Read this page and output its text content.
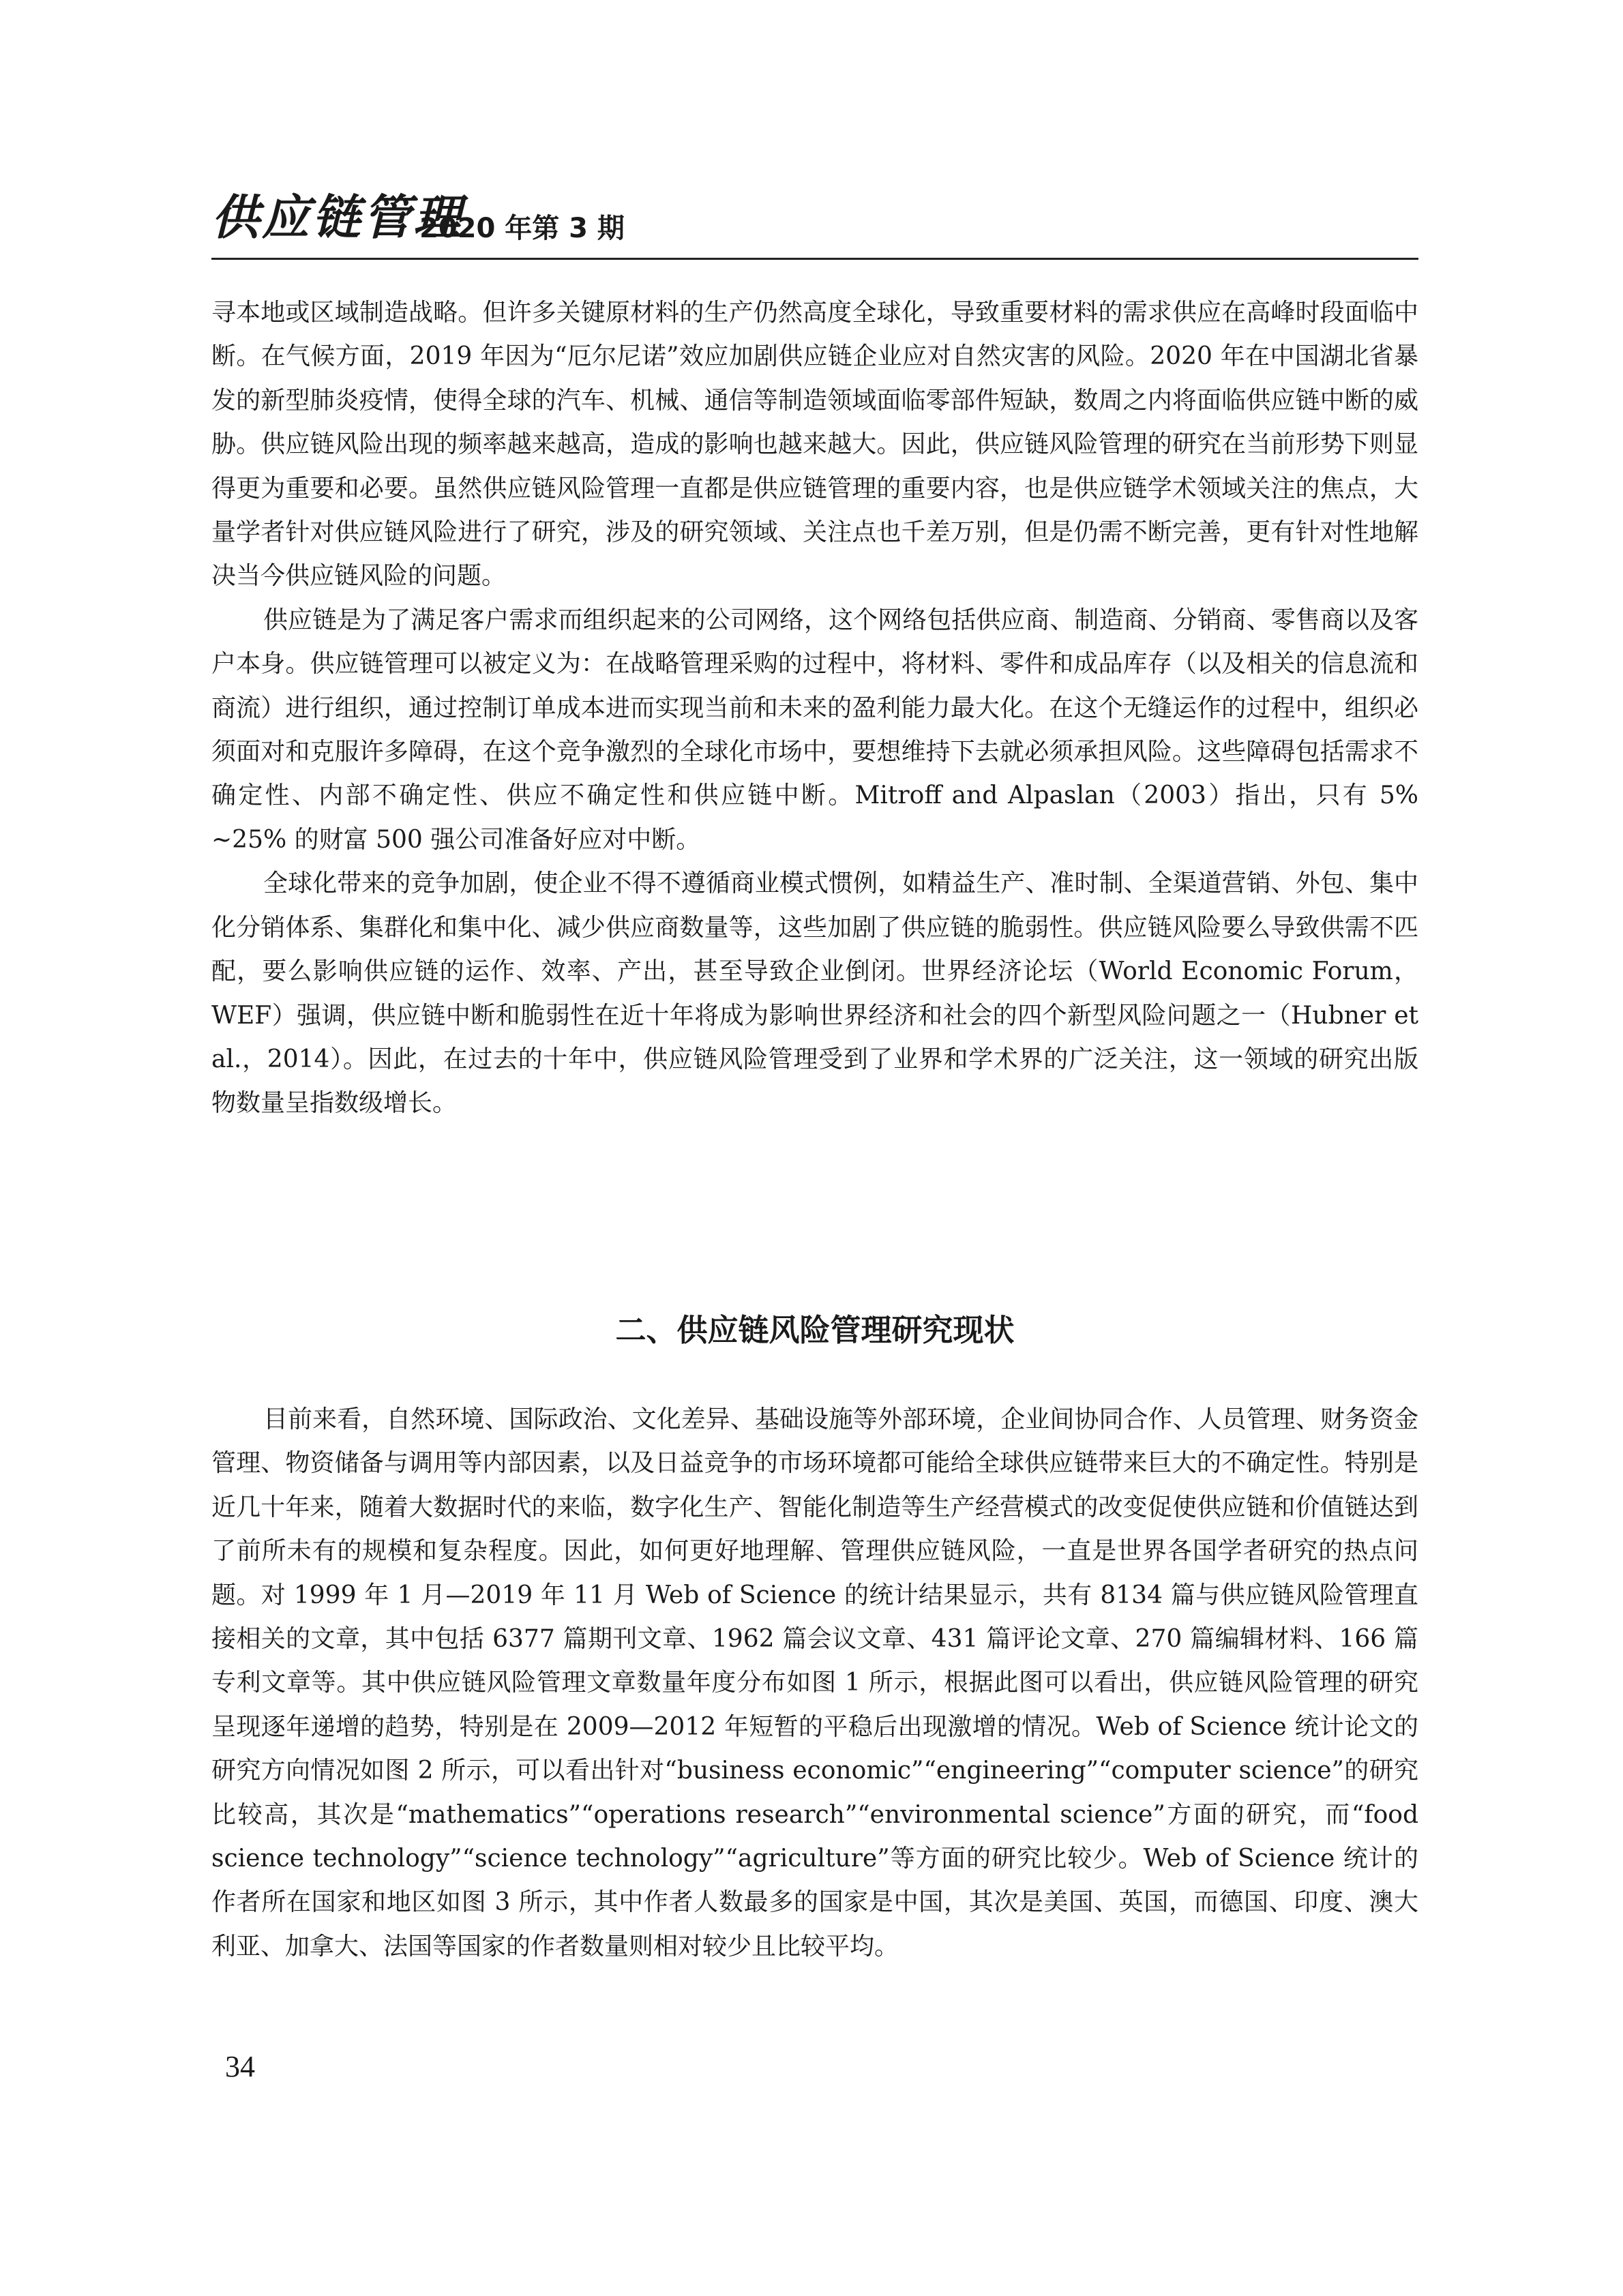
供应链管理
2020 年第 3 期

寻本地或区域制造战略。但许多关键原材料的生产仍然高度全球化，导致重要材料的需求供应在高峰时段面临中断。在气候方面，2019 年因为“厄尔尼诺”效应加剧供应链企业应对自然灾害的风险。2020 年在中国湖北省暴发的新型肺炎疫情，使得全球的汽车、机械、通信等制造领域面临零部件短缺，数周之内将面临供应链中断的威胁。供应链风险出现的频率越来越高，造成的影响也越来越大。因此，供应链风险管理的研究在当前形势下则显得更为重要和必要。虽然供应链风险管理一直都是供应链管理的重要内容，也是供应链学术领域关注的焦点，大量学者针对供应链风险进行了研究，涉及的研究领域、关注点也千差万别，但是仍需不断完善，更有针对性地解决当今供应链风险的问题。

供应链是为了满足客户需求而组织起来的公司网络，这个网络包括供应商、制造商、分销商、零售商以及客户本身。供应链管理可以被定义为：在战略管理采购的过程中，将材料、零件和成品库存（以及相关的信息流和商流）进行组织，通过控制订单成本进而实现当前和未来的盈利能力最大化。在这个无缝运作的过程中，组织必须面对和克服许多障碍，在这个竞争激烈的全球化市场中，要想维持下去就必须承担风险。这些障碍包括需求不确定性、内部不确定性、供应不确定性和供应链中断。Mitroff and Alpaslan（2003）指出，只有 5% ~25% 的财富 500 强公司准备好应对中断。

全球化带来的竞争加剧，使企业不得不遵循商业模式惯例，如精益生产、准时制、全渠道营销、外包、集中化分销体系、集群化和集中化、减少供应商数量等，这些加剧了供应链的脆弱性。供应链风险要么导致供需不匹配，要么影响供应链的运作、效率、产出，甚至导致企业倒闭。世界经济论坛（World Economic Forum，WEF）强调，供应链中断和脆弱性在近十年将成为影响世界经济和社会的四个新型风险问题之一（Hubner et al.，2014）。因此，在过去的十年中，供应链风险管理受到了业界和学术界的广泛关注，这一领域的研究出版物数量呈指数级增长。

二、供应链风险管理研究现状

目前来看，自然环境、国际政治、文化差异、基础设施等外部环境，企业间协同合作、人员管理、财务资金管理、物资储备与调用等内部因素，以及日益竞争的市场环境都可能给全球供应链带来巨大的不确定性。特别是近几十年来，随着大数据时代的来临，数字化生产、智能化制造等生产经营模式的改变促使供应链和价值链达到了前所未有的规模和复杂程度。因此，如何更好地理解、管理供应链风险，一直是世界各国学者研究的热点问题。对 1999 年 1 月—2019 年 11 月 Web of Science 的统计结果显示，共有 8134 篇与供应链风险管理直接相关的文章，其中包括 6377 篇期刊文章、1962 篇会议文章、431 篇评论文章、270 篇编辑材料、166 篇专利文章等。其中供应链风险管理文章数量年度分布如图 1 所示，根据此图可以看出，供应链风险管理的研究呈现逐年递增的趋势，特别是在 2009—2012 年短暂的平稳后出现激增的情况。Web of Science 统计论文的研究方向情况如图 2 所示，可以看出针对“business economic”“engineering”“computer science”的研究比较高，其次是“mathematics”“operations research”“environmental science”方面的研究，而“food science technology”“science technology”“agriculture”等方面的研究比较少。Web of Science 统计的作者所在国家和地区如图 3 所示，其中作者人数最多的国家是中国，其次是美国、英国，而德国、印度、澳大利亚、加拿大、法国等国家的作者数量则相对较少且比较平均。

34
